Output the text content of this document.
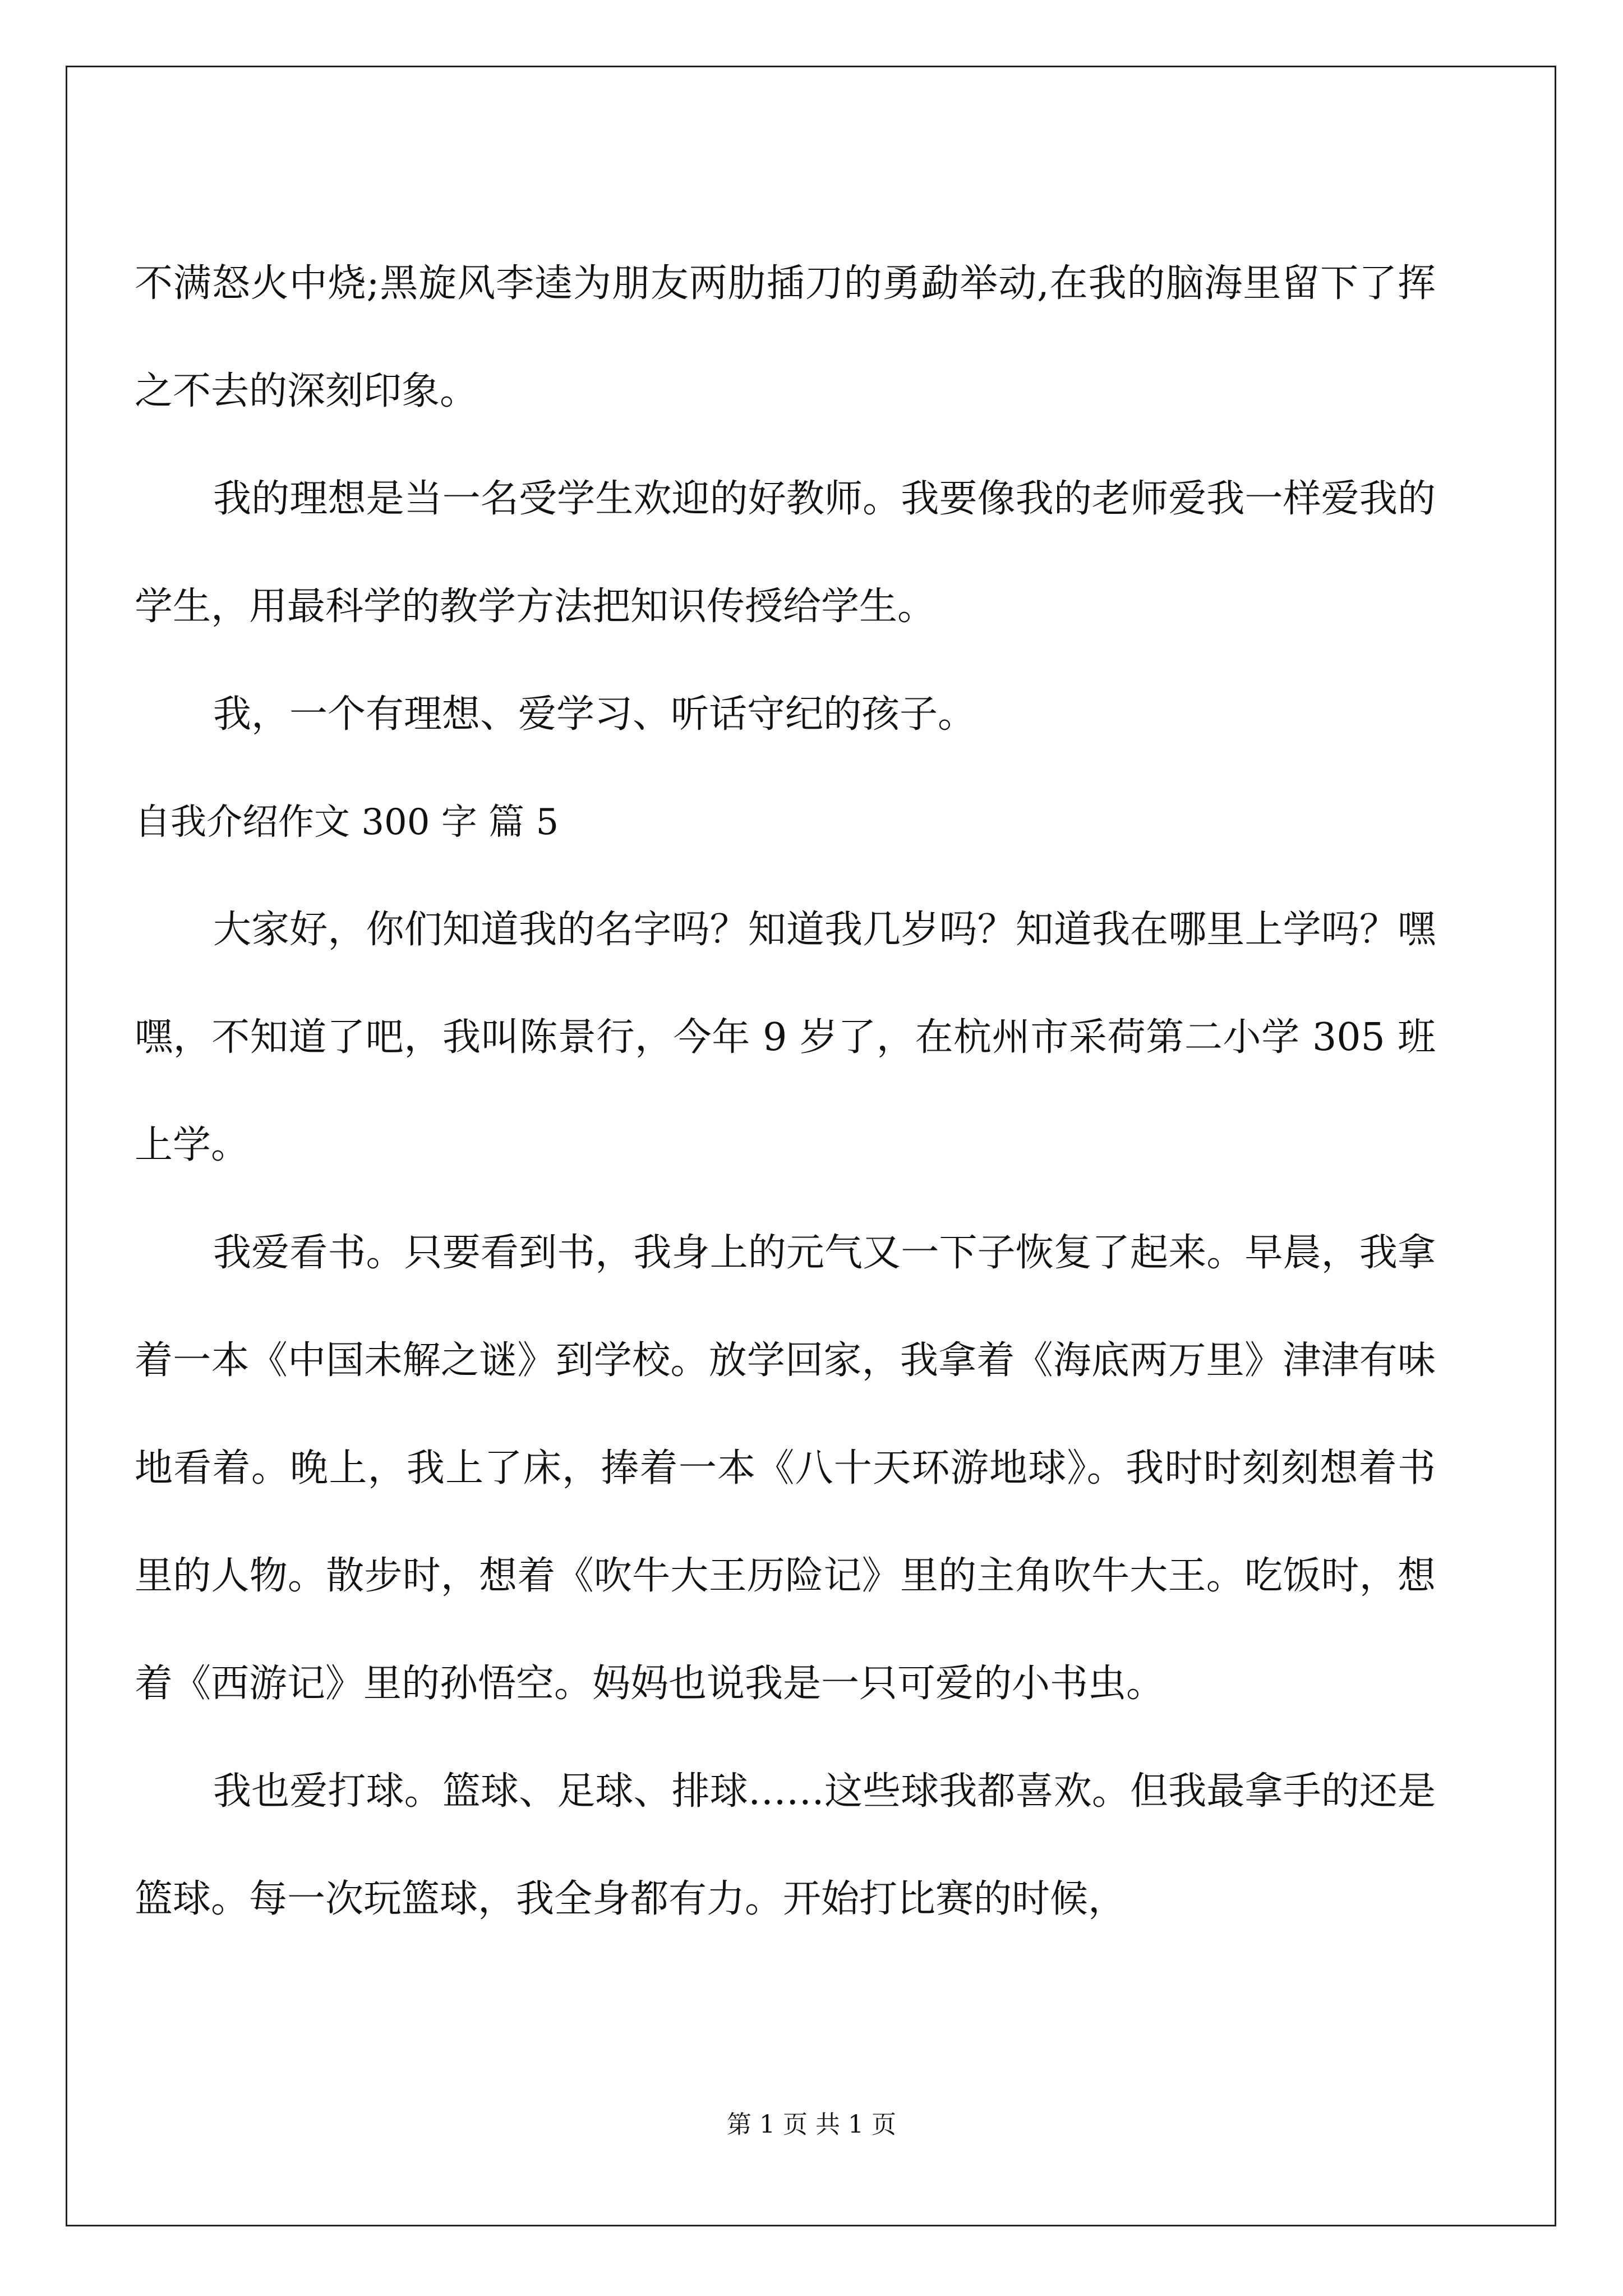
不满怒火中烧;黑旋风李逵为朋友两肋插刀的勇勐举动,在我的脑海里留下了挥之不去的深刻印象。

我的理想是当一名受学生欢迎的好教师。我要像我的老师爱我一样爱我的学生，用最科学的教学方法把知识传授给学生。

我，一个有理想、爱学习、听话守纪的孩子。

自我介绍作文 300 字 篇 5

大家好，你们知道我的名字吗？知道我几岁吗？知道我在哪里上学吗？嘿嘿，不知道了吧，我叫陈景行，今年 9 岁了，在杭州市采荷第二小学 305 班上学。

我爱看书。只要看到书，我身上的元气又一下子恢复了起来。早晨，我拿着一本《中国未解之谜》到学校。放学回家，我拿着《海底两万里》津津有味地看着。晚上，我上了床，捧着一本《八十天环游地球》。我时时刻刻想着书里的人物。散步时，想着《吹牛大王历险记》里的主角吹牛大王。吃饭时，想着《西游记》里的孙悟空。妈妈也说我是一只可爱的小书虫。

我也爱打球。篮球、足球、排球……这些球我都喜欢。但我最拿手的还是篮球。每一次玩篮球，我全身都有力。开始打比赛的时候，

第 1 页 共 1 页
